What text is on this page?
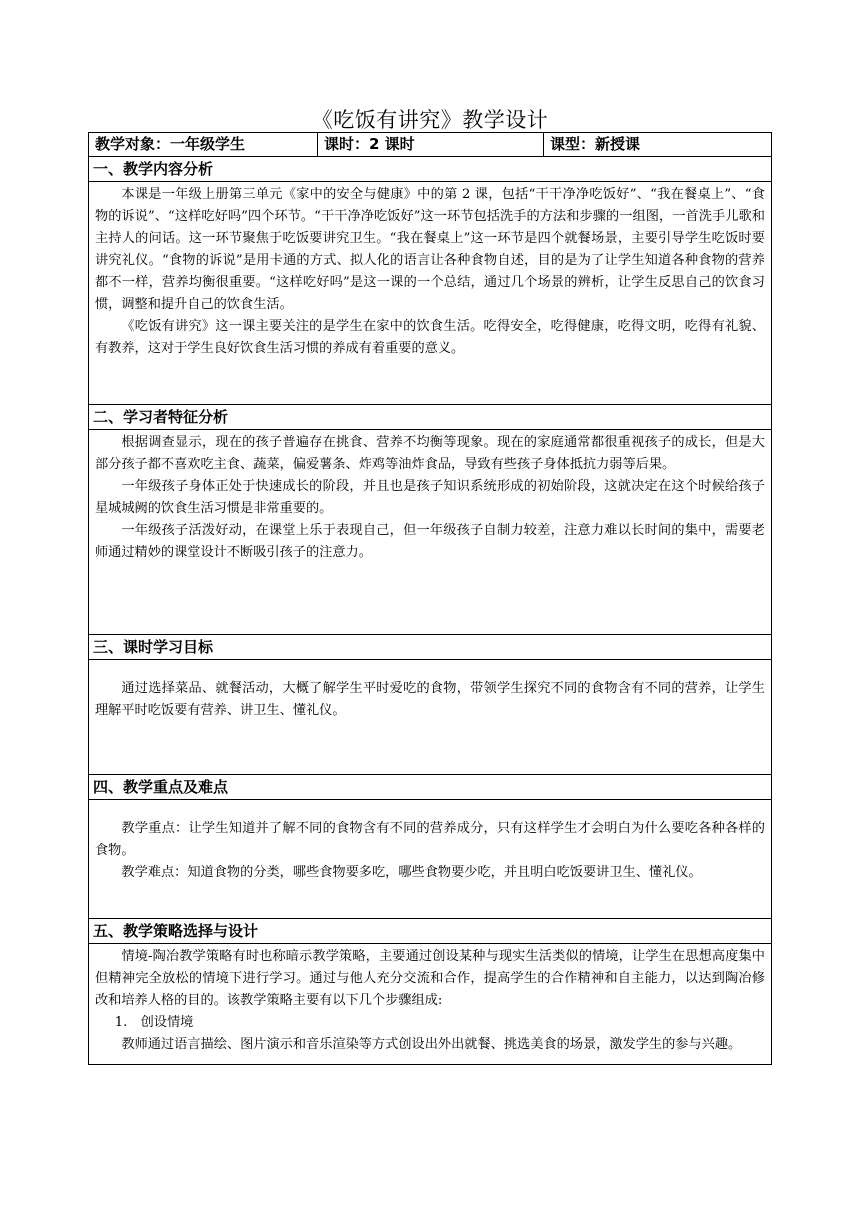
《吃饭有讲究》教学设计
教学对象：一年级学生	课时：2 课时	课型：新授课
一、教学内容分析

本课是一年级上册第三单元《家中的安全与健康》中的第 2 课，包括“干干净净吃饭好”、“我在餐桌上”、“食物的诉说”、“这样吃好吗”四个环节。“干干净净吃饭好”这一环节包括洗手的方法和步骤的一组图，一首洗手儿歌和主持人的问话。这一环节聚焦于吃饭要讲究卫生。“我在餐桌上”这一环节是四个就餐场景，主要引导学生吃饭时要讲究礼仪。“食物的诉说”是用卡通的方式、拟人化的语言让各种食物自述，目的是为了让学生知道各种食物的营养都不一样，营养均衡很重要。“这样吃好吗”是这一课的一个总结，通过几个场景的辨析，让学生反思自己的饮食习惯，调整和提升自己的饮食生活。

《吃饭有讲究》这一课主要关注的是学生在家中的饮食生活。吃得安全，吃得健康，吃得文明，吃得有礼貌、有教养，这对于学生良好饮食生活习惯的养成有着重要的意义。

二、学习者特征分析

根据调查显示，现在的孩子普遍存在挑食、营养不均衡等现象。现在的家庭通常都很重视孩子的成长，但是大部分孩子都不喜欢吃主食、蔬菜，偏爱薯条、炸鸡等油炸食品，导致有些孩子身体抵抗力弱等后果。

一年级孩子身体正处于快速成长的阶段，并且也是孩子知识系统形成的初始阶段，这就决定在这个时候给孩子星城城阙的饮食生活习惯是非常重要的。

一年级孩子活泼好动，在课堂上乐于表现自己，但一年级孩子自制力较差，注意力难以长时间的集中，需要老师通过精妙的课堂设计不断吸引孩子的注意力。

三、课时学习目标

通过选择菜品、就餐活动，大概了解学生平时爱吃的食物，带领学生探究不同的食物含有不同的营养，让学生理解平时吃饭要有营养、讲卫生、懂礼仪。

四、教学重点及难点

教学重点：让学生知道并了解不同的食物含有不同的营养成分，只有这样学生才会明白为什么要吃各种各样的食物。

教学难点：知道食物的分类，哪些食物要多吃，哪些食物要少吃，并且明白吃饭要讲卫生、懂礼仪。

五、教学策略选择与设计

情境-陶冶教学策略有时也称暗示教学策略，主要通过创设某种与现实生活类似的情境，让学生在思想高度集中但精神完全放松的情境下进行学习。通过与他人充分交流和合作，提高学生的合作精神和自主能力，以达到陶冶修改和培养人格的目的。该教学策略主要有以下几个步骤组成:

1.　创设情境

教师通过语言描绘、图片演示和音乐渲染等方式创设出外出就餐、挑选美食的场景，激发学生的参与兴趣。
